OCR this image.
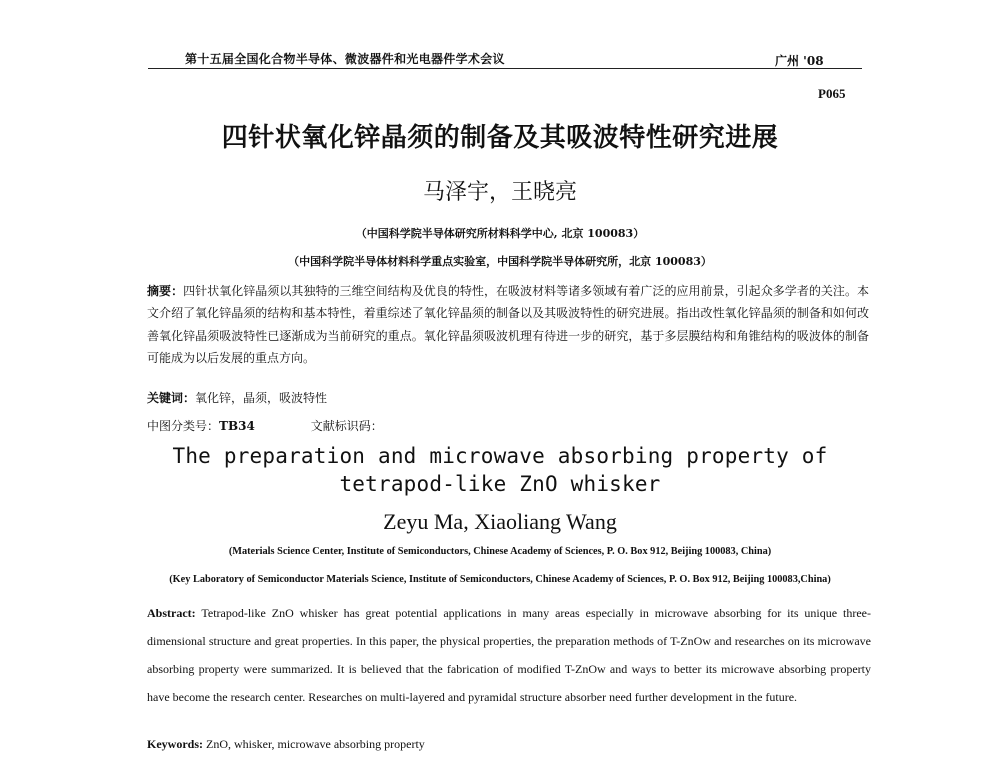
第十五届全国化合物半导体、微波器件和光电器件学术会议	广州 '08
P065
四针状氧化锌晶须的制备及其吸波特性研究进展
马泽宇，王晓亮
（中国科学院半导体研究所材料科学中心, 北京 100083）
（中国科学院半导体材料科学重点实验室，中国科学院半导体研究所，北京 100083）
摘要：四针状氧化锌晶须以其独特的三维空间结构及优良的特性，在吸波材料等诸多领域有着广泛的应用前景，引起众多学者的关注。本文介绍了氧化锌晶须的结构和基本特性，着重综述了氧化锌晶须的制备以及其吸波特性的研究进展。指出改性氧化锌晶须的制备和如何改善氧化锌晶须吸波特性已逐渐成为当前研究的重点。氧化锌晶须吸波机理有待进一步的研究，基于多层膜结构和角锥结构的吸波体的制备可能成为以后发展的重点方向。
关键词：氧化锌，晶须，吸波特性
中图分类号：TB34	文献标识码：
The preparation and microwave absorbing property of
tetrapod-like ZnO whisker
Zeyu Ma, Xiaoliang Wang
(Materials Science Center, Institute of Semiconductors, Chinese Academy of Sciences, P. O. Box 912, Beijing 100083, China)
(Key Laboratory of Semiconductor Materials Science, Institute of Semiconductors, Chinese Academy of Sciences, P. O. Box 912, Beijing 100083,China)
Abstract: Tetrapod-like ZnO whisker has great potential applications in many areas especially in microwave absorbing for its unique three-dimensional structure and great properties. In this paper, the physical properties, the preparation methods of T-ZnOw and researches on its microwave absorbing property were summarized. It is believed that the fabrication of modified T-ZnOw and ways to better its microwave absorbing property have become the research center. Researches on multi-layered and pyramidal structure absorber need further development in the future.
Keywords: ZnO, whisker, microwave absorbing property
